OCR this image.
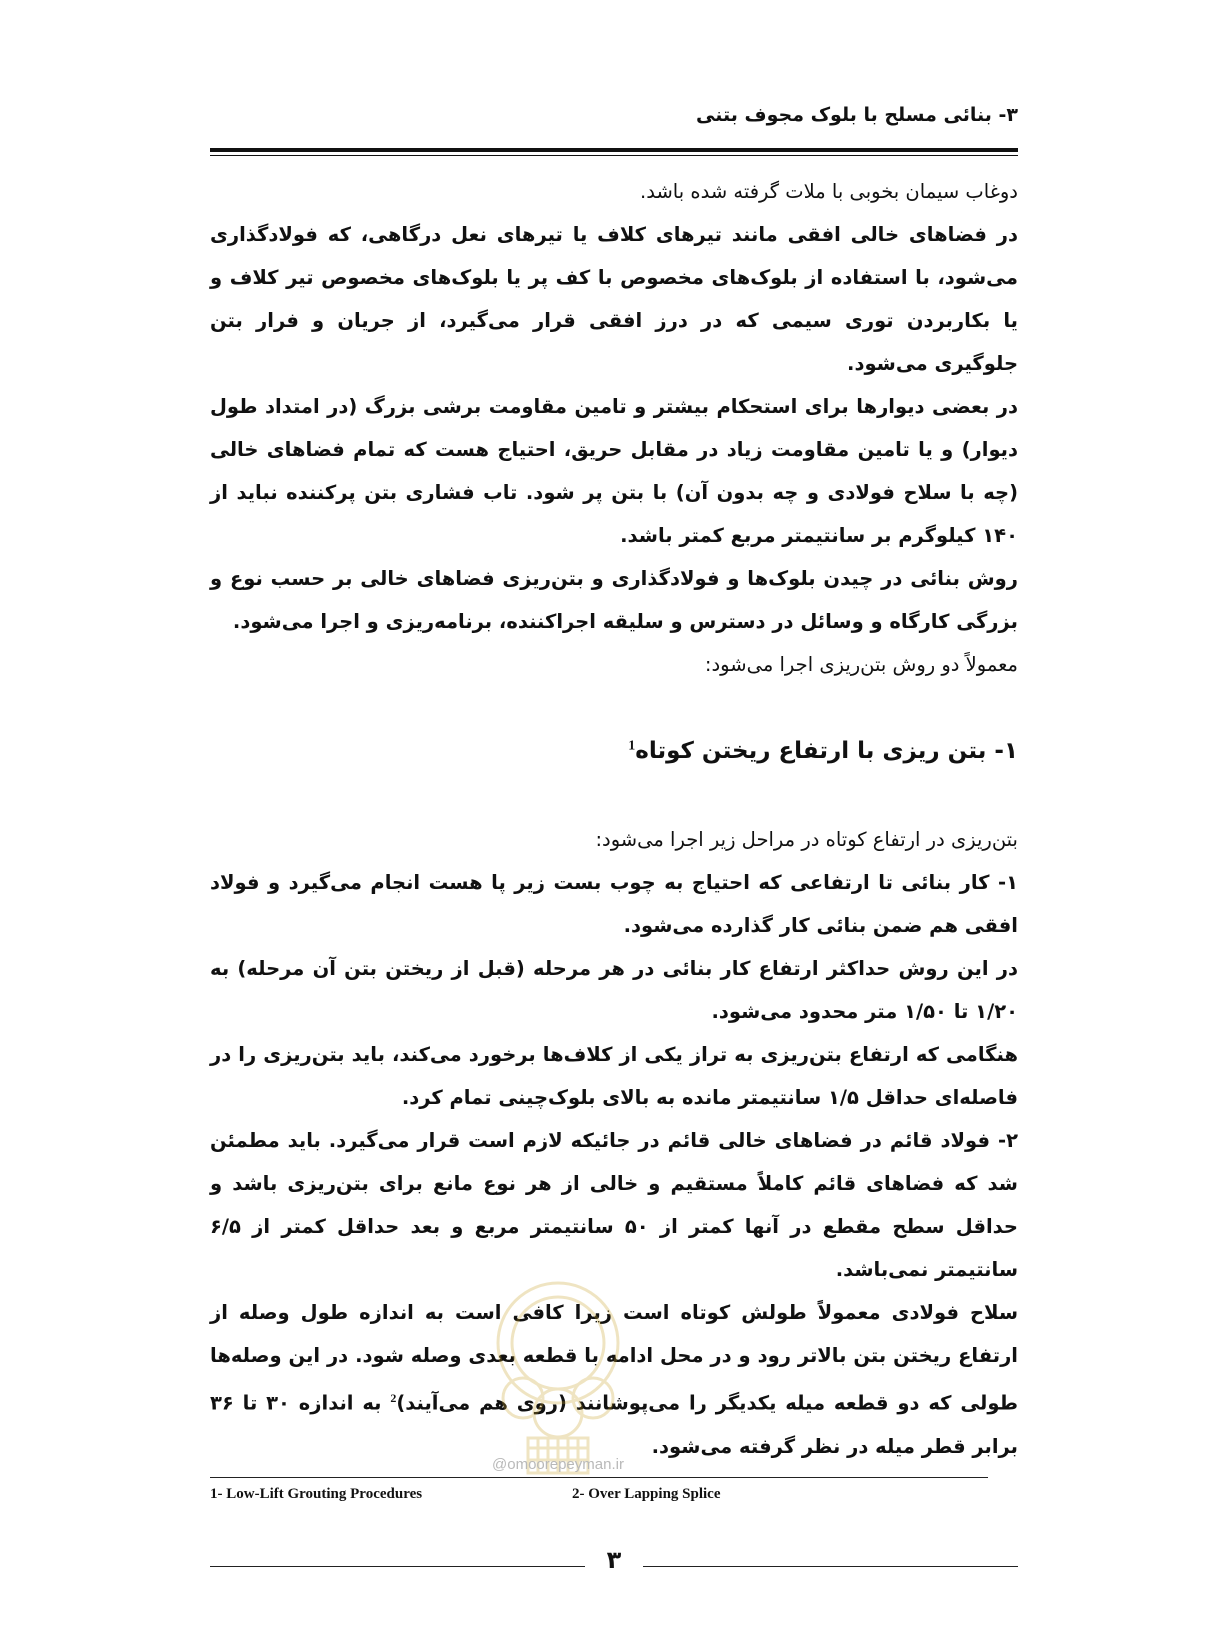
۳- بنائی مسلح با بلوک مجوف بتنی

دوغاب سیمان بخوبی با ملات گرفته شده باشد.

در فضاهای خالی افقی مانند تیرهای کلاف یا تیرهای نعل درگاهی، که فولادگذاری می‌شود، با استفاده از بلوک‌های مخصوص با کف پر یا بلوک‌های مخصوص تیر کلاف و یا بکاربردن توری سیمی که در درز افقی قرار می‌گیرد، از جریان و فرار بتن جلوگیری می‌شود.

در بعضی دیوارها برای استحکام بیشتر و تامین مقاومت برشی بزرگ (در امتداد طول دیوار) و یا تامین مقاومت زیاد در مقابل حریق، احتیاج هست که تمام فضاهای خالی (چه با سلاح فولادی و چه بدون آن) با بتن پر شود. تاب فشاری بتن پرکننده نباید از ۱۴۰ کیلوگرم بر سانتیمتر مربع کمتر باشد.

روش بنائی در چیدن بلوک‌ها و فولادگذاری و بتن‌ریزی فضاهای خالی بر حسب نوع و بزرگی کارگاه و وسائل در دسترس و سلیقه اجراکننده، برنامه‌ریزی و اجرا می‌شود.

معمولاً دو روش بتن‌ریزی اجرا می‌شود:

۱- بتن ریزی با ارتفاع ریختن کوتاه$^1$

بتن‌ریزی در ارتفاع کوتاه در مراحل زیر اجرا می‌شود:

۱- کار بنائی تا ارتفاعی که احتیاج به چوب بست زیر پا هست انجام می‌گیرد و فولاد افقی هم ضمن بنائی کار گذارده می‌شود.

در این روش حداکثر ارتفاع کار بنائی در هر مرحله (قبل از ریختن بتن آن مرحله) به ۱/۲۰ تا ۱/۵۰ متر محدود می‌شود.

هنگامی که ارتفاع بتن‌ریزی به تراز یکی از کلاف‌ها برخورد می‌کند، باید بتن‌ریزی را در فاصله‌ای حداقل ۱/۵ سانتیمتر مانده به بالای بلوک‌چینی تمام کرد.

۲- فولاد قائم در فضاهای خالی قائم در جائیکه لازم است قرار می‌گیرد. باید مطمئن شد که فضاهای قائم کاملاً مستقیم و خالی از هر نوع مانع برای بتن‌ریزی باشد و حداقل سطح مقطع در آنها کمتر از ۵۰ سانتیمتر مربع و بعد حداقل کمتر از ۶/۵ سانتیمتر نمی‌باشد.

سلاح فولادی معمولاً طولش کوتاه است زیرا کافی است به اندازه طول وصله از ارتفاع ریختن بتن بالاتر رود و در محل ادامه با قطعه بعدی وصله شود. در این وصله‌ها طولی که دو قطعه میله یکدیگر را می‌پوشانند (روی هم می‌آیند)$^2$ به اندازه ۳۰ تا ۳۶ برابر قطر میله در نظر گرفته می‌شود.

@omoorepeyman.ir
1- Low-Lift Grouting Procedures	2- Over Lapping Splice
۳
